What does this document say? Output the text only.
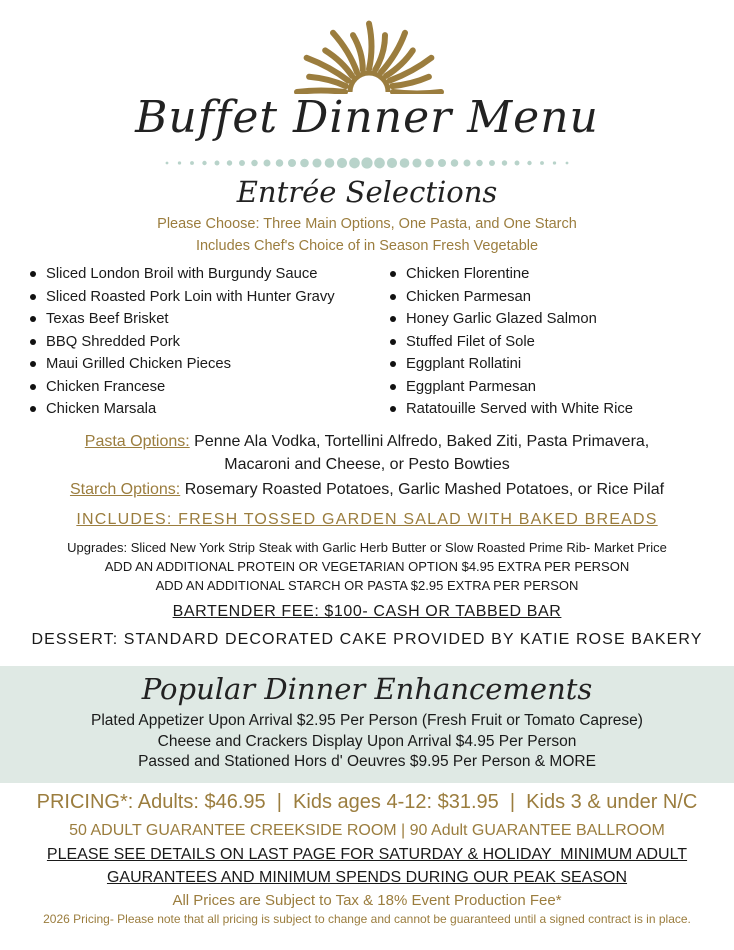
Buffet Dinner Menu
Entrée Selections
Please Choose: Three Main Options, One Pasta, and One Starch
Includes Chef's Choice of in Season Fresh Vegetable
Sliced London Broil with Burgundy Sauce
Sliced Roasted Pork Loin with Hunter Gravy
Texas Beef Brisket
BBQ Shredded Pork
Maui Grilled Chicken Pieces
Chicken Francese
Chicken Marsala
Chicken Florentine
Chicken Parmesan
Honey Garlic Glazed Salmon
Stuffed Filet of Sole
Eggplant Rollatini
Eggplant Parmesan
Ratatouille Served with White Rice
Pasta Options: Penne Ala Vodka, Tortellini Alfredo, Baked Ziti, Pasta Primavera,
Macaroni and Cheese, or Pesto Bowties
Starch Options: Rosemary Roasted Potatoes, Garlic Mashed Potatoes, or Rice Pilaf
INCLUDES: FRESH TOSSED GARDEN SALAD WITH BAKED BREADS
Upgrades: Sliced New York Strip Steak with Garlic Herb Butter or Slow Roasted Prime Rib- Market Price
ADD AN ADDITIONAL PROTEIN OR VEGETARIAN OPTION $4.95 EXTRA PER PERSON
ADD AN ADDITIONAL STARCH OR PASTA $2.95 EXTRA PER PERSON
BARTENDER FEE: $100- CASH OR TABBED BAR
DESSERT: STANDARD DECORATED CAKE PROVIDED BY KATIE ROSE BAKERY
Popular Dinner Enhancements
Plated Appetizer Upon Arrival $2.95 Per Person (Fresh Fruit or Tomato Caprese)
Cheese and Crackers Display Upon Arrival $4.95 Per Person
Passed and Stationed Hors d' Oeuvres $9.95 Per Person & MORE
PRICING*: Adults: $46.95  |  Kids ages 4-12: $31.95  |  Kids 3 & under N/C
50 ADULT GUARANTEE CREEKSIDE ROOM | 90 Adult GUARANTEE BALLROOM
PLEASE SEE DETAILS ON LAST PAGE FOR SATURDAY & HOLIDAY  MINIMUM ADULT
GAURANTEES AND MINIMUM SPENDS DURING OUR PEAK SEASON
All Prices are Subject to Tax & 18% Event Production Fee*
2026 Pricing- Please note that all pricing is subject to change and cannot be guaranteed until a signed contract is in place.
